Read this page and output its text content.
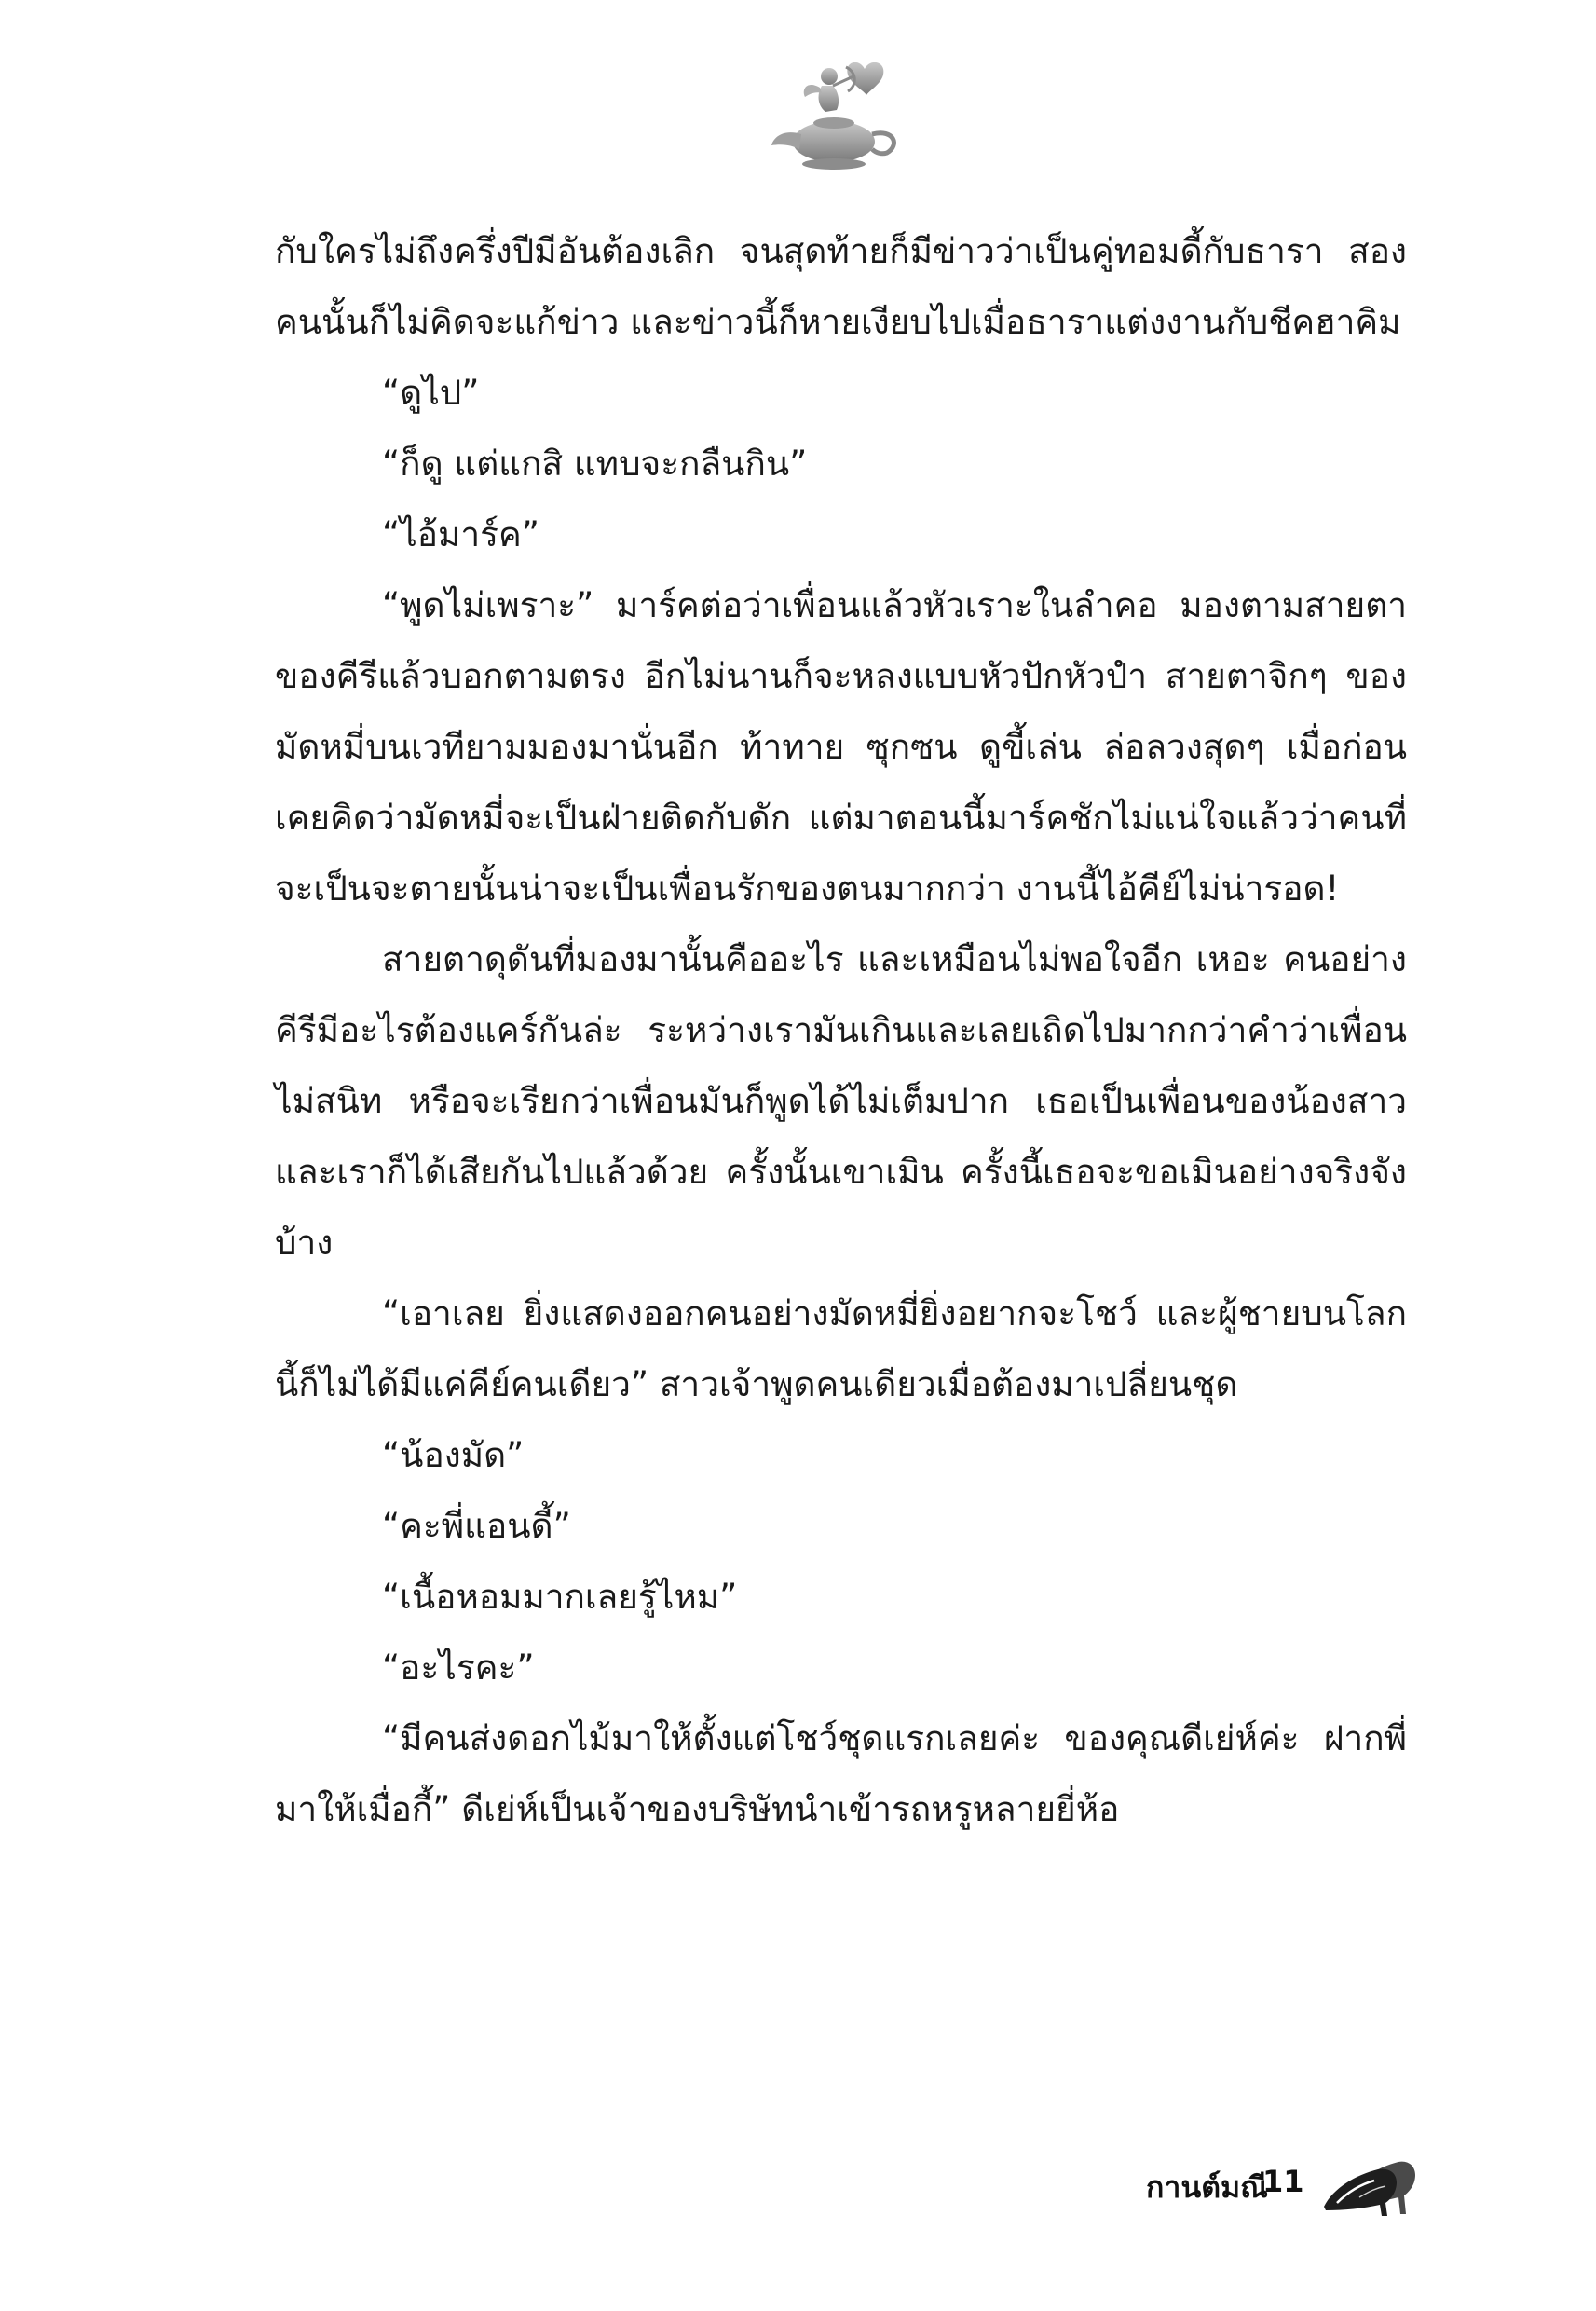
กับใครไม่ถึงครึ่งปีมีอันต้องเลิก จนสุดท้ายก็มีข่าวว่าเป็นคู่ทอมดี้กับธารา สองคนนั้นก็ไม่คิดจะแก้ข่าว และข่าวนี้ก็หายเงียบไปเมื่อธาราแต่งงานกับชีคฮาคิม

“ดูไป”

“ก็ดู แต่แกสิ แทบจะกลืนกิน”

“ไอ้มาร์ค”

“พูดไม่เพราะ” มาร์คต่อว่าเพื่อนแล้วหัวเราะในลำคอ มองตามสายตาของคีรีแล้วบอกตามตรง อีกไม่นานก็จะหลงแบบหัวปักหัวปำ สายตาจิกๆ ของมัดหมี่บนเวทียามมองมานั่นอีก ท้าทาย ซุกซน ดูขี้เล่น ล่อลวงสุดๆ เมื่อก่อนเคยคิดว่ามัดหมี่จะเป็นฝ่ายติดกับดัก แต่มาตอนนี้มาร์คชักไม่แน่ใจแล้วว่าคนที่จะเป็นจะตายนั้นน่าจะเป็นเพื่อนรักของตนมากกว่า งานนี้ไอ้คีย์ไม่น่ารอด!

สายตาดุดันที่มองมานั้นคืออะไร และเหมือนไม่พอใจอีก เหอะ คนอย่างคีรีมีอะไรต้องแคร์กันล่ะ ระหว่างเรามันเกินและเลยเถิดไปมากกว่าคำว่าเพื่อนไม่สนิท หรือจะเรียกว่าเพื่อนมันก็พูดได้ไม่เต็มปาก เธอเป็นเพื่อนของน้องสาว และเราก็ได้เสียกันไปแล้วด้วย ครั้งนั้นเขาเมิน ครั้งนี้เธอจะขอเมินอย่างจริงจังบ้าง

“เอาเลย ยิ่งแสดงออกคนอย่างมัดหมี่ยิ่งอยากจะโชว์ และผู้ชายบนโลกนี้ก็ไม่ได้มีแค่คีย์คนเดียว” สาวเจ้าพูดคนเดียวเมื่อต้องมาเปลี่ยนชุด

“น้องมัด”

“คะพี่แอนดี้”

“เนื้อหอมมากเลยรู้ไหม”

“อะไรคะ”

“มีคนส่งดอกไม้มาให้ตั้งแต่โชว์ชุดแรกเลยค่ะ ของคุณดีเย่ห์ค่ะ ฝากพี่มาให้เมื่อกี้” ดีเย่ห์เป็นเจ้าของบริษัทนำเข้ารถหรูหลายยี่ห้อ

กานต์มณี
11
